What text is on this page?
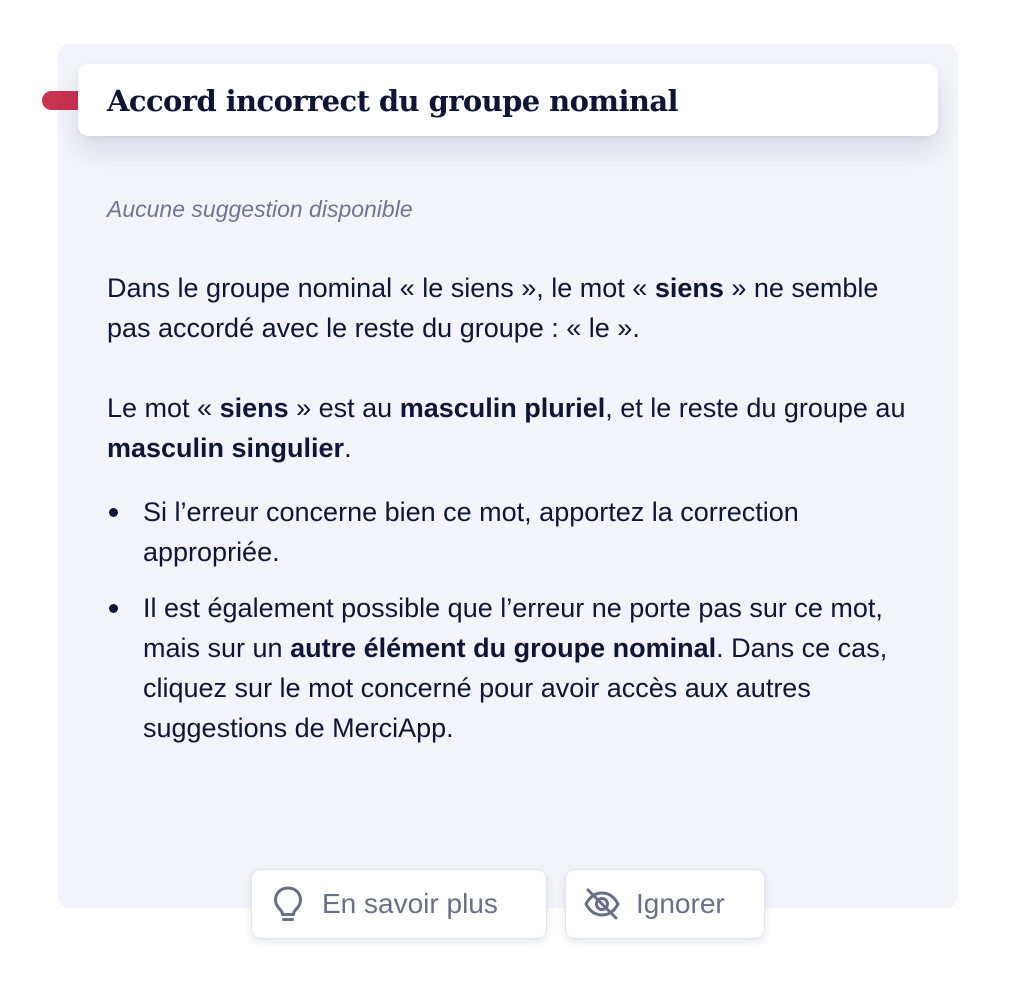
Accord incorrect du groupe nominal
Aucune suggestion disponible

Dans le groupe nominal « le siens », le mot « siens » ne semble pas accordé avec le reste du groupe : « le ».

Le mot « siens » est au masculin pluriel, et le reste du groupe au masculin singulier.

Si l’erreur concerne bien ce mot, apportez la correction appropriée.
Il est également possible que l’erreur ne porte pas sur ce mot, mais sur un autre élément du groupe nominal. Dans ce cas, cliquez sur le mot concerné pour avoir accès aux autres suggestions de MerciApp.
En savoir plus	Ignorer
